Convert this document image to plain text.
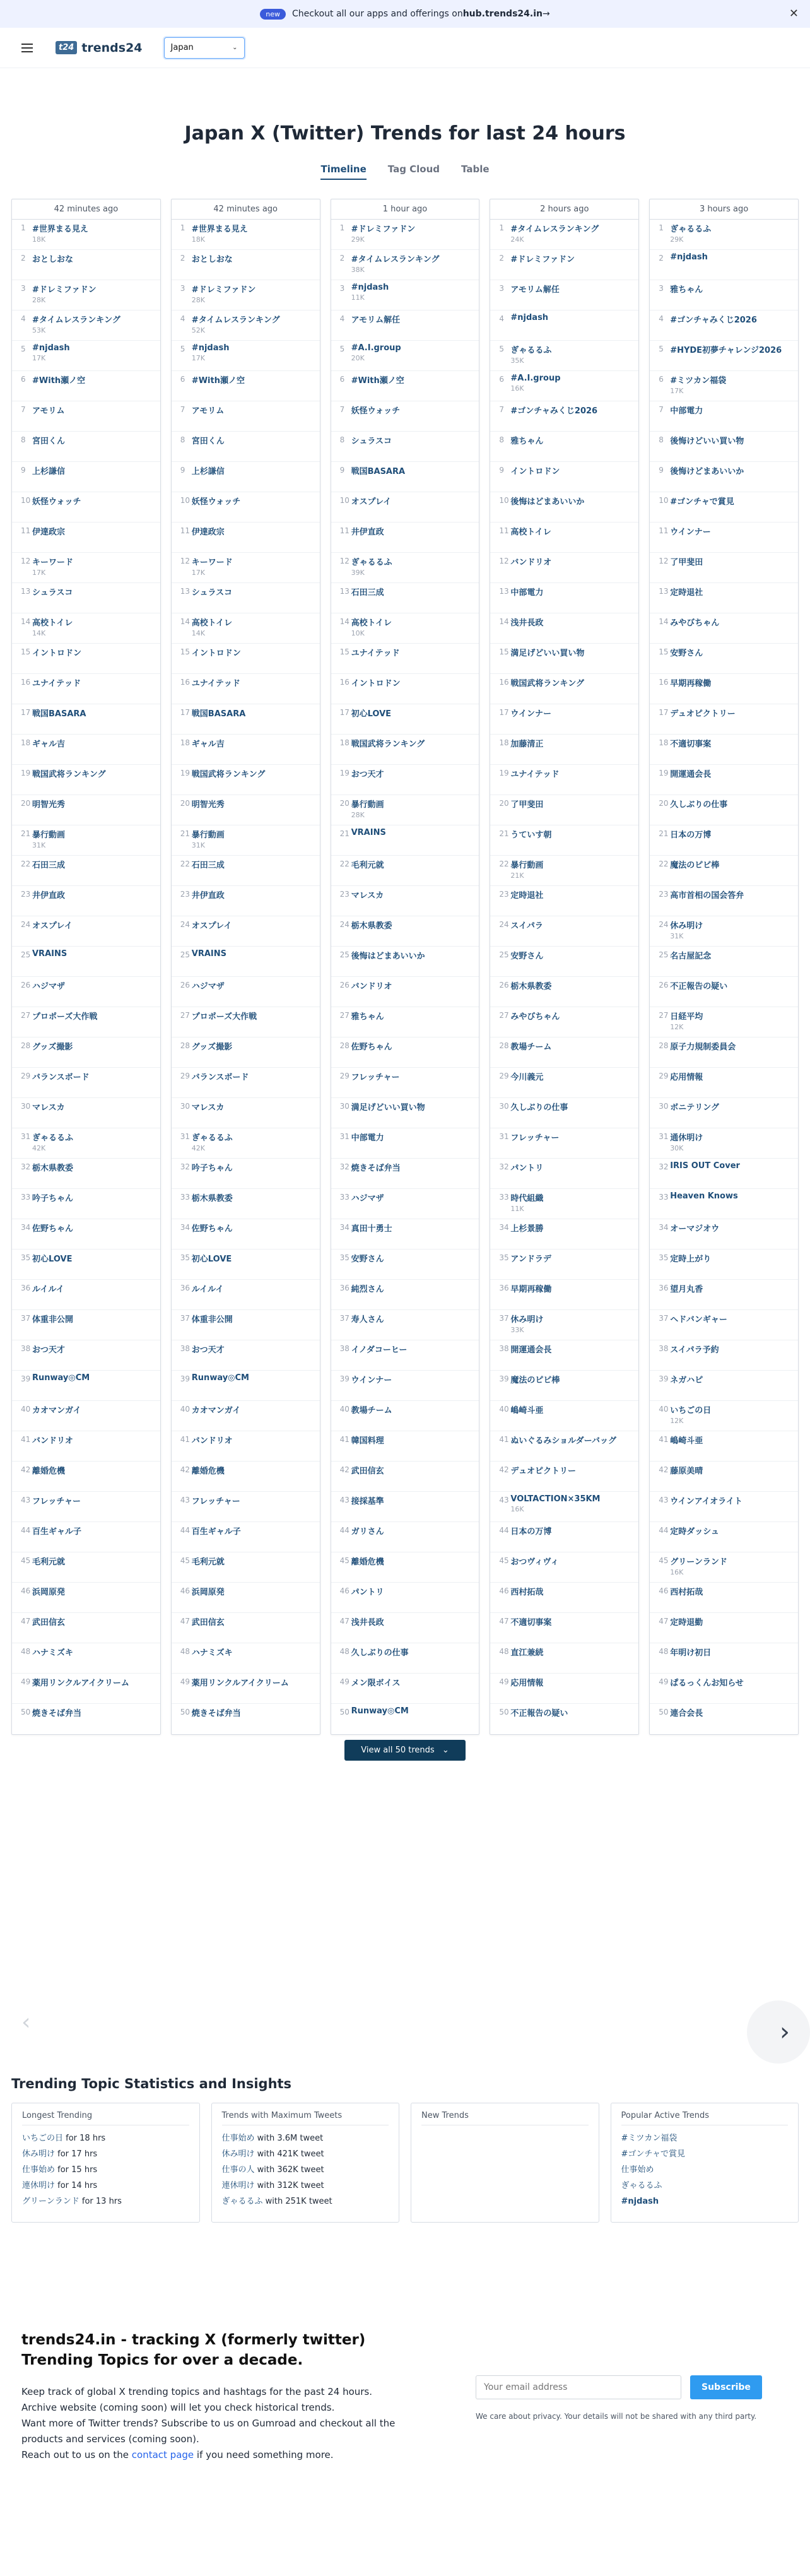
new	Checkout all our apps and offerings on hub.trends24.in →	✕
t24 trends24	Japan	⌄
Japan X (Twitter) Trends for last 24 hours
Timeline Tag Cloud Table
42 minutes ago
1 #世界まる見え
18K
2 おとしおな
3 #ドレミファドン
28K
4 #タイムレスランキング
53K
5 #njdash
17K
6 #With瀬ノ空
7 アモリム
8 宮田くん
9 上杉謙信
10 妖怪ウォッチ
11 伊達政宗
12 キーワード
17K
13 シュラスコ
14 高校トイレ
14K
15 イントロドン
16 ユナイテッド
17 戦国BASARA
18 ギャル吉
19 戦国武将ランキング
20 明智光秀
21 暴行動画
31K
22 石田三成
23 井伊直政
24 オスプレイ
25 VRAINS
26 ハジマザ
27 プロポーズ大作戦
28 グッズ撮影
29 バランスボード
30 マレスカ
31 ぎゃるるふ
42K
32 栃木県教委
33 吟子ちゃん
34 佐野ちゃん
35 初心LOVE
36 ルイルイ
37 体重非公開
38 おつ天才
39 Runway◎CM
40 カオマンガイ
41 バンドリオ
42 離婚危機
43 フレッチャー
44 百生ギャル子
45 毛利元就
46 浜岡原発
47 武田信玄
48 ハナミズキ
49 薬用リンクルアイクリーム
50 焼きそば弁当
42 minutes ago
1 #世界まる見え
18K
2 おとしおな
3 #ドレミファドン
28K
4 #タイムレスランキング
52K
5 #njdash
17K
6 #With瀬ノ空
7 アモリム
8 宮田くん
9 上杉謙信
10 妖怪ウォッチ
11 伊達政宗
12 キーワード
17K
13 シュラスコ
14 高校トイレ
14K
15 イントロドン
16 ユナイテッド
17 戦国BASARA
18 ギャル吉
19 戦国武将ランキング
20 明智光秀
21 暴行動画
31K
22 石田三成
23 井伊直政
24 オスプレイ
25 VRAINS
26 ハジマザ
27 プロポーズ大作戦
28 グッズ撮影
29 バランスボード
30 マレスカ
31 ぎゃるるふ
42K
32 吟子ちゃん
33 栃木県教委
34 佐野ちゃん
35 初心LOVE
36 ルイルイ
37 体重非公開
38 おつ天才
39 Runway◎CM
40 カオマンガイ
41 バンドリオ
42 離婚危機
43 フレッチャー
44 百生ギャル子
45 毛利元就
46 浜岡原発
47 武田信玄
48 ハナミズキ
49 薬用リンクルアイクリーム
50 焼きそば弁当
1 hour ago
1 #ドレミファドン
29K
2 #タイムレスランキング
38K
3 #njdash
11K
4 アモリム解任
5 #A.I.group
20K
6 #With瀬ノ空
7 妖怪ウォッチ
8 シュラスコ
9 戦国BASARA
10 オスプレイ
11 井伊直政
12 ぎゃるるふ
39K
13 石田三成
14 高校トイレ
10K
15 ユナイテッド
16 イントロドン
17 初心LOVE
18 戦国武将ランキング
19 おつ天才
20 暴行動画
28K
21 VRAINS
22 毛利元就
23 マレスカ
24 栃木県教委
25 後悔はどまあいいか
26 バンドリオ
27 雅ちゃん
28 佐野ちゃん
29 フレッチャー
30 満足げどいい買い物
31 中部電力
32 焼きそば弁当
33 ハジマザ
34 真田十勇士
35 安野さん
36 純烈さん
37 寿人さん
38 イノダコーヒー
39 ウインナー
40 教場チーム
41 韓国料理
42 武田信玄
43 接採基準
44 ガリさん
45 離婚危機
46 パントリ
47 浅井長政
48 久しぶりの仕事
49 メン限ボイス
50 Runway◎CM
2 hours ago
1 #タイムレスランキング
24K
2 #ドレミファドン
3 アモリム解任
4 #njdash
5 ぎゃるるふ
35K
6 #A.I.group
16K
7 #ゴンチャみくじ2026
8 雅ちゃん
9 イントロドン
10 後悔はどまあいいか
11 高校トイレ
12 バンドリオ
13 中部電力
14 浅井長政
15 満足げどいい買い物
16 戦国武将ランキング
17 ウインナー
18 加藤清正
19 ユナイテッド
20 了甲斐田
21 うていす朝
22 暴行動画
21K
23 定時退社
24 スイパラ
25 安野さん
26 栃木県教委
27 みやびちゃん
28 教場チーム
29 今川義元
30 久しぶりの仕事
31 フレッチャー
32 パントリ
33 時代組織
11K
34 上杉景勝
35 アンドラデ
36 早期再稼働
37 休み明け
33K
38 開運通会長
39 魔法のピビ棒
40 嶋崎斗亜
41 ぬいぐるみショルダーバッグ
42 デュオピクトリー
43 VOLTACTION×35KM
16K
44 日本の万博
45 おつヴィヴィ
46 西村拓哉
47 不適切事案
48 直江兼続
49 応用情報
50 不正報告の疑い
3 hours ago
1 ぎゃるるふ
29K
2 #njdash
3 雅ちゃん
4 #ゴンチャみくじ2026
5 #HYDE初夢チャレンジ2026
6 #ミツカン福袋
17K
7 中部電力
8 後悔けどいい買い物
9 後悔けどまあいいか
10 #ゴンチャで賞見
11 ウインナー
12 了甲斐田
13 定時退社
14 みやびちゃん
15 安野さん
16 早期再稼働
17 デュオピクトリー
18 不適切事案
19 開運通会長
20 久しぶりの仕事
21 日本の万博
22 魔法のピビ棒
23 高市首相の国会答弁
24 休み明け
31K
25 名古屋記念
26 不正報告の疑い
27 日経平均
12K
28 原子力規制委員会
29 応用情報
30 ボニテリング
31 通休明け
30K
32 IRIS OUT Cover
33 Heaven Knows
34 オーマジオウ
35 定時上がり
36 望月丸香
37 ヘドバンギャー
38 スイパラ予約
39 ネガハピ
40 いちごの日
12K
41 嶋崎斗亜
42 藤原美晴
43 ウインアイオライト
44 定時ダッシュ
45 グリーンランド
16K
46 西村拓哉
47 定時退勤
48 年明け初日
49 ぱるっくんお知らせ
50 連合会長
View all 50 trends ⌄
‹	›
Trending Topic Statistics and Insights
Longest Trending
いちごの日 for 18 hrs
休み明け for 17 hrs
仕事始め for 15 hrs
連休明け for 14 hrs
グリーンランド for 13 hrs
Trends with Maximum Tweets
仕事始め with 3.6M tweet
休み明け with 421K tweet
仕事の人 with 362K tweet
連休明け with 312K tweet
ぎゃるるふ with 251K tweet
New Trends	Popular Active Trends
#ミツカン福袋
#ゴンチャで賞見
仕事始め
ぎゃるるふ
#njdash
trends24.in - tracking X (formerly twitter)
Trending Topics for over a decade.
Keep track of global X trending topics and hashtags for the past 24 hours.
Archive website (coming soon) will let you check historical trends.
Want more of Twitter trends? Subscribe to us on Gumroad and checkout all the products and services (coming soon).
Reach out to us on the contact page if you need something more.
Your email address
Subscribe
We care about privacy. Your details will not be shared with any third party.
